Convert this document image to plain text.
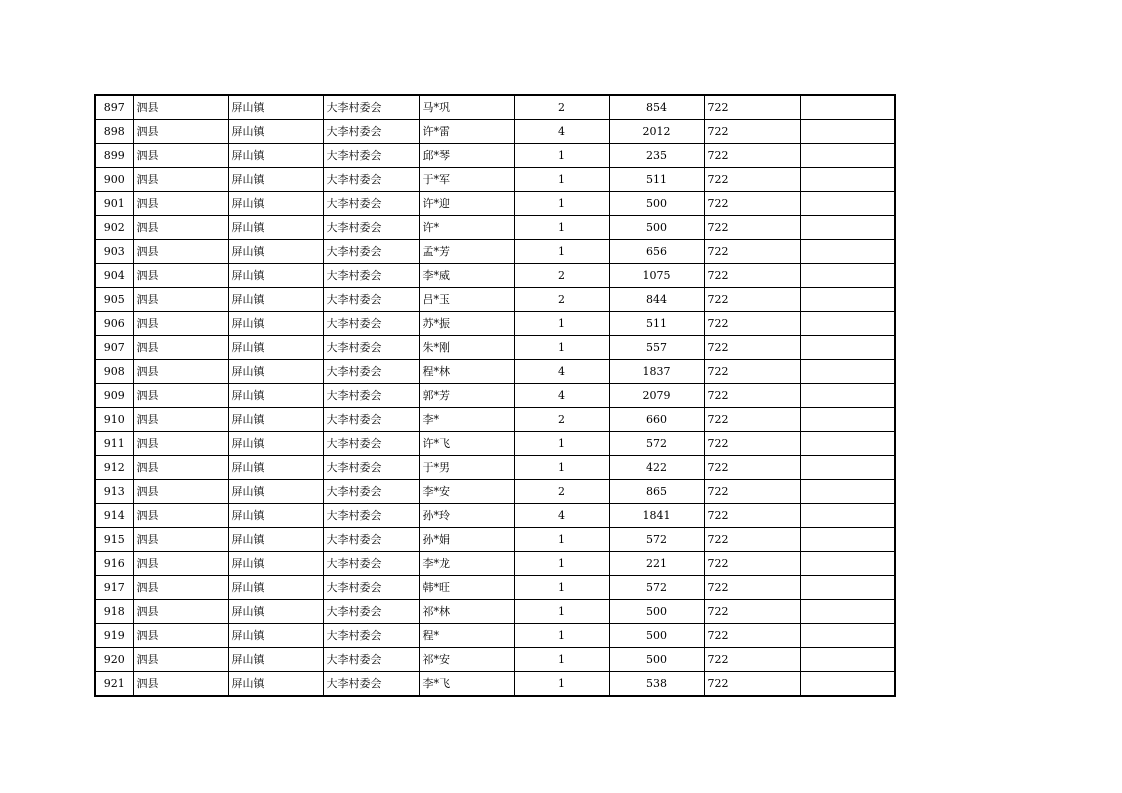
897	泗县	屏山镇	大李村委会	马*巩	2	854	722	
898	泗县	屏山镇	大李村委会	许*雷	4	2012	722	
899	泗县	屏山镇	大李村委会	邱*琴	1	235	722	
900	泗县	屏山镇	大李村委会	于*军	1	511	722	
901	泗县	屏山镇	大李村委会	许*迎	1	500	722	
902	泗县	屏山镇	大李村委会	许*	1	500	722	
903	泗县	屏山镇	大李村委会	孟*芳	1	656	722	
904	泗县	屏山镇	大李村委会	李*威	2	1075	722	
905	泗县	屏山镇	大李村委会	吕*玉	2	844	722	
906	泗县	屏山镇	大李村委会	苏*振	1	511	722	
907	泗县	屏山镇	大李村委会	朱*刚	1	557	722	
908	泗县	屏山镇	大李村委会	程*林	4	1837	722	
909	泗县	屏山镇	大李村委会	郭*芳	4	2079	722	
910	泗县	屏山镇	大李村委会	李*	2	660	722	
911	泗县	屏山镇	大李村委会	许*飞	1	572	722	
912	泗县	屏山镇	大李村委会	于*男	1	422	722	
913	泗县	屏山镇	大李村委会	李*安	2	865	722	
914	泗县	屏山镇	大李村委会	孙*玲	4	1841	722	
915	泗县	屏山镇	大李村委会	孙*娟	1	572	722	
916	泗县	屏山镇	大李村委会	李*龙	1	221	722	
917	泗县	屏山镇	大李村委会	韩*旺	1	572	722	
918	泗县	屏山镇	大李村委会	祁*林	1	500	722	
919	泗县	屏山镇	大李村委会	程*	1	500	722	
920	泗县	屏山镇	大李村委会	祁*安	1	500	722	
921	泗县	屏山镇	大李村委会	李*飞	1	538	722	
